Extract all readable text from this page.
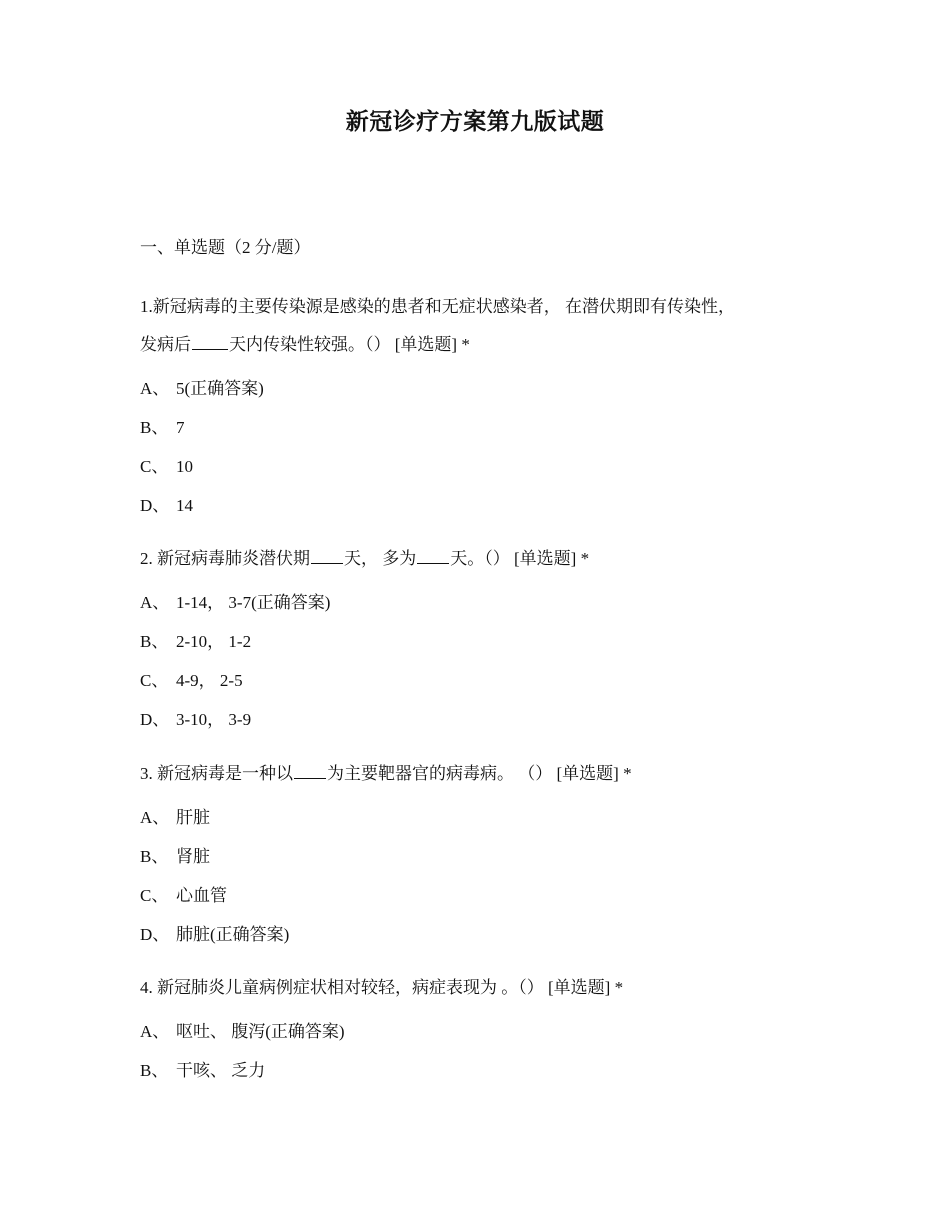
新冠诊疗方案第九版试题

一、单选题（2 分/题）

1.新冠病毒的主要传染源是感染的患者和无症状感染者， 在潜伏期即有传染性，

发病后 天内传染性较强。（） [单选题] *

A、 5(正确答案)

B、 7

C、 10

D、 14

2. 新冠病毒肺炎潜伏期 天， 多为 天。（） [单选题] *

A、 1-14， 3-7(正确答案)

B、 2-10， 1-2

C、 4-9， 2-5

D、 3-10， 3-9

3. 新冠病毒是一种以 为主要靶器官的病毒病。 （） [单选题] *

A、 肝脏

B、 肾脏

C、 心血管

D、 肺脏(正确答案)

4. 新冠肺炎儿童病例症状相对较轻，病症表现为 。（） [单选题] *

A、 呕吐、 腹泻(正确答案)

B、 干咳、 乏力
